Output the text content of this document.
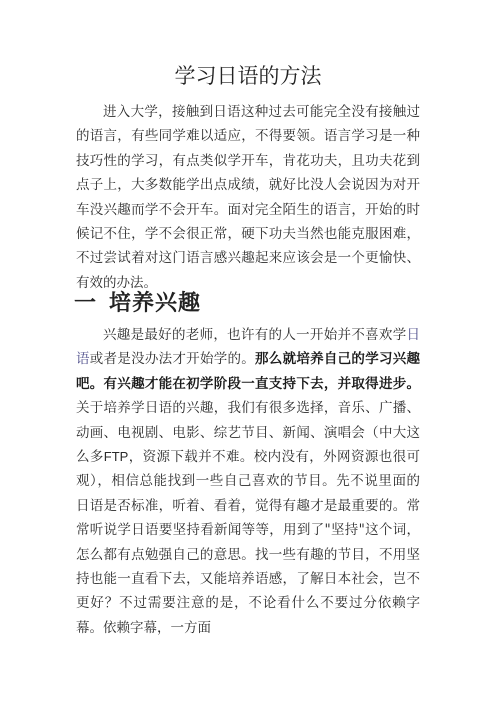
学习日语的方法

进入大学，接触到日语这种过去可能完全没有接触过的语言，有些同学难以适应，不得要领。语言学习是一种技巧性的学习，有点类似学开车，肯花功夫，且功夫花到点子上，大多数能学出点成绩，就好比没人会说因为对开车没兴趣而学不会开车。面对完全陌生的语言，开始的时候记不住，学不会很正常，硬下功夫当然也能克服困难，不过尝试着对这门语言感兴趣起来应该会是一个更愉快、有效的办法。

一 培养兴趣

兴趣是最好的老师，也许有的人一开始并不喜欢学日语或者是没办法才开始学的。那么就培养自己的学习兴趣吧。有兴趣才能在初学阶段一直支持下去，并取得进步。关于培养学日语的兴趣，我们有很多选择，音乐、广播、动画、电视剧、电影、综艺节目、新闻、演唱会（中大这么多FTP，资源下载并不难。校内没有，外网资源也很可观），相信总能找到一些自己喜欢的节目。先不说里面的日语是否标准，听着、看着，觉得有趣才是最重要的。常常听说学日语要坚持看新闻等等，用到了"坚持"这个词，怎么都有点勉强自己的意思。找一些有趣的节目，不用坚持也能一直看下去，又能培养语感，了解日本社会，岂不更好？不过需要注意的是，不论看什么不要过分依赖字幕。依赖字幕，一方面
